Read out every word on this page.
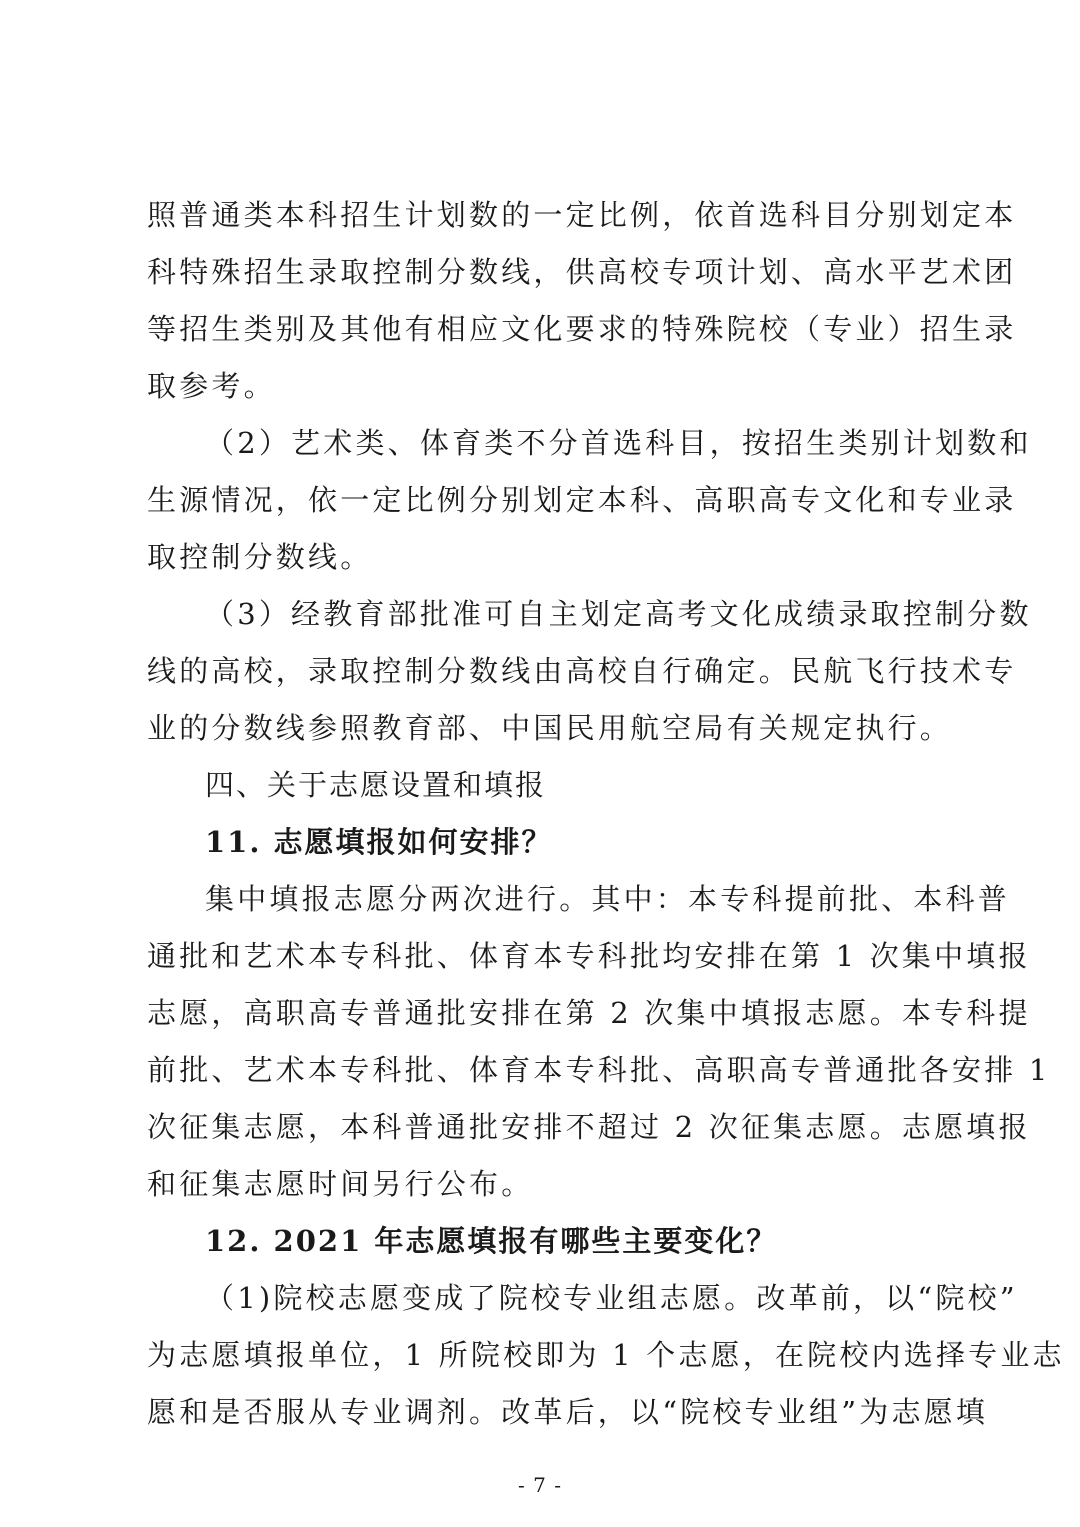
照普通类本科招生计划数的一定比例，依首选科目分别划定本
科特殊招生录取控制分数线，供高校专项计划、高水平艺术团
等招生类别及其他有相应文化要求的特殊院校（专业）招生录
取参考。
（2）艺术类、体育类不分首选科目，按招生类别计划数和
生源情况，依一定比例分别划定本科、高职高专文化和专业录
取控制分数线。
（3）经教育部批准可自主划定高考文化成绩录取控制分数
线的高校，录取控制分数线由高校自行确定。民航飞行技术专
业的分数线参照教育部、中国民用航空局有关规定执行。
四、关于志愿设置和填报
11. 志愿填报如何安排？
集中填报志愿分两次进行。其中：本专科提前批、本科普
通批和艺术本专科批、体育本专科批均安排在第 1 次集中填报
志愿，高职高专普通批安排在第 2 次集中填报志愿。本专科提
前批、艺术本专科批、体育本专科批、高职高专普通批各安排 1
次征集志愿，本科普通批安排不超过 2 次征集志愿。志愿填报
和征集志愿时间另行公布。
12. 2021 年志愿填报有哪些主要变化？
（1)院校志愿变成了院校专业组志愿。改革前，以“院校”
为志愿填报单位，1 所院校即为 1 个志愿，在院校内选择专业志
愿和是否服从专业调剂。改革后，以“院校专业组”为志愿填
- 7 -
